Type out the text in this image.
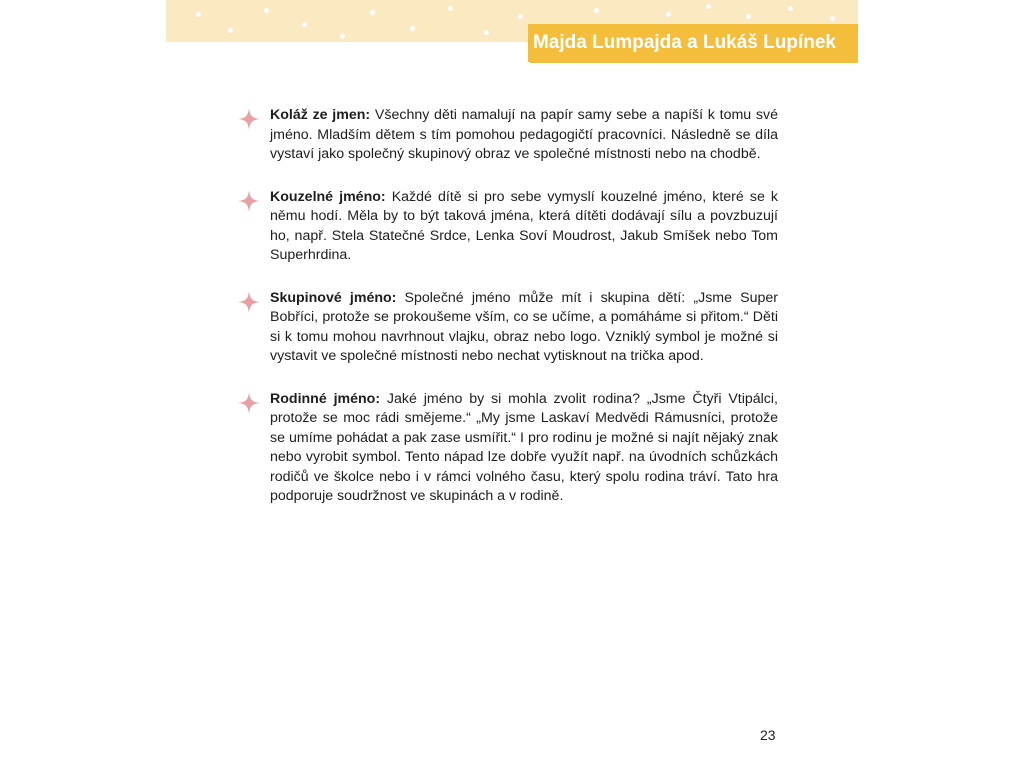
Majda Lumpajda a Lukáš Lupínek

Koláž ze jmen: Všechny děti namalují na papír samy sebe a napíší k tomu své jméno. Mladším dětem s tím pomohou pedagogičtí pracovníci. Následně se díla vystaví jako společný skupinový obraz ve společné místnosti nebo na chodbě.

Kouzelné jméno: Každé dítě si pro sebe vymyslí kouzelné jméno, které se k němu hodí. Měla by to být taková jména, která dítěti dodávají sílu a povzbuzují ho, např. Stela Statečné Srdce, Lenka Soví Moudrost, Jakub Smíšek nebo Tom Superhrdina.

Skupinové jméno: Společné jméno může mít i skupina dětí: „Jsme Super Bobříci, protože se prokoušeme vším, co se učíme, a pomáháme si přitom.“ Děti si k tomu mohou navrhnout vlajku, obraz nebo logo. Vzniklý symbol je možné si vystavit ve společné místnosti nebo nechat vytisknout na trička apod.

Rodinné jméno: Jaké jméno by si mohla zvolit rodina? „Jsme Čtyři Vtipálci, protože se moc rádi smějeme.“ „My jsme Laskaví Medvědi Rámusníci, protože se umíme pohádat a pak zase usmířit.“ I pro rodinu je možné si najít nějaký znak nebo vyrobit symbol. Tento nápad lze dobře využít např. na úvodních schůzkách rodičů ve školce nebo i v rámci volného času, který spolu rodina tráví. Tato hra podporuje soudržnost ve skupinách a v rodině.

23
